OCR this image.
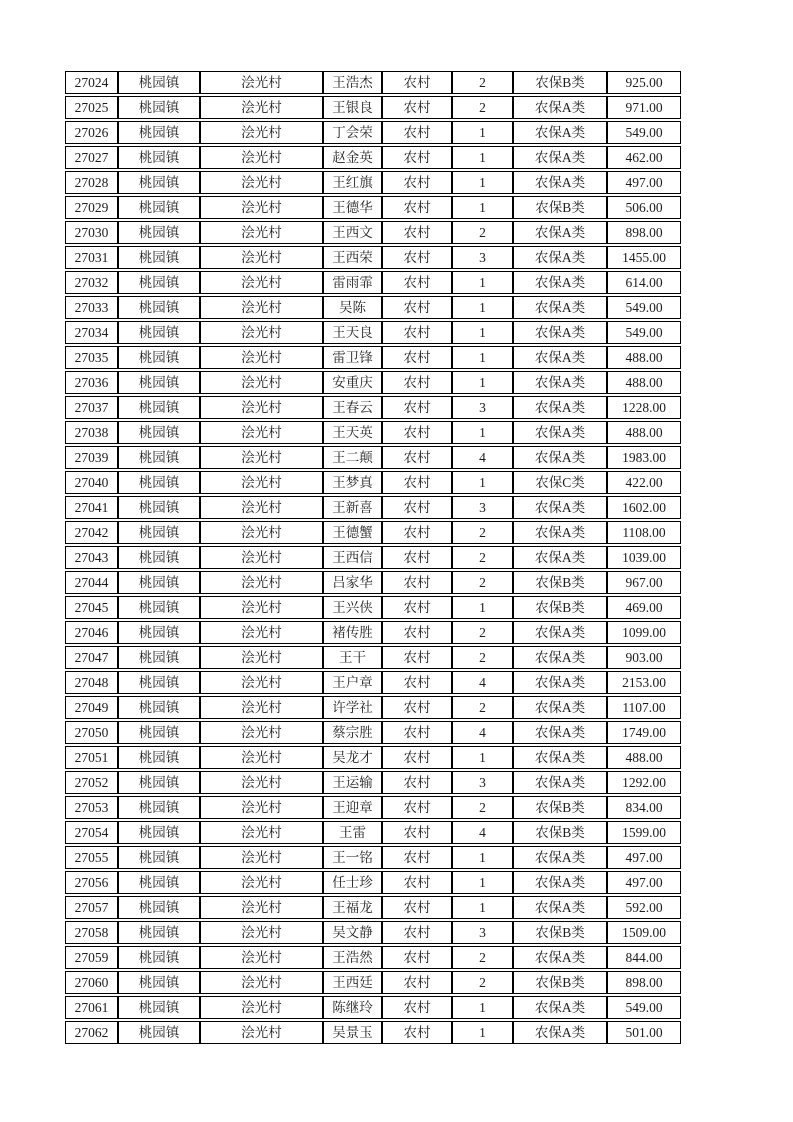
27024	桃园镇	浍光村	王浩杰	农村	2	农保B类	925.00
27025	桃园镇	浍光村	王银良	农村	2	农保A类	971.00
27026	桃园镇	浍光村	丁会荣	农村	1	农保A类	549.00
27027	桃园镇	浍光村	赵金英	农村	1	农保A类	462.00
27028	桃园镇	浍光村	王红旗	农村	1	农保A类	497.00
27029	桃园镇	浍光村	王德华	农村	1	农保B类	506.00
27030	桃园镇	浍光村	王西文	农村	2	农保A类	898.00
27031	桃园镇	浍光村	王西荣	农村	3	农保A类	1455.00
27032	桃园镇	浍光村	雷雨霏	农村	1	农保A类	614.00
27033	桃园镇	浍光村	吴陈	农村	1	农保A类	549.00
27034	桃园镇	浍光村	王天良	农村	1	农保A类	549.00
27035	桃园镇	浍光村	雷卫锋	农村	1	农保A类	488.00
27036	桃园镇	浍光村	安重庆	农村	1	农保A类	488.00
27037	桃园镇	浍光村	王春云	农村	3	农保A类	1228.00
27038	桃园镇	浍光村	王天英	农村	1	农保A类	488.00
27039	桃园镇	浍光村	王二颠	农村	4	农保A类	1983.00
27040	桃园镇	浍光村	王梦真	农村	1	农保C类	422.00
27041	桃园镇	浍光村	王新喜	农村	3	农保A类	1602.00
27042	桃园镇	浍光村	王德蟹	农村	2	农保A类	1108.00
27043	桃园镇	浍光村	王西信	农村	2	农保A类	1039.00
27044	桃园镇	浍光村	吕家华	农村	2	农保B类	967.00
27045	桃园镇	浍光村	王兴侠	农村	1	农保B类	469.00
27046	桃园镇	浍光村	褚传胜	农村	2	农保A类	1099.00
27047	桃园镇	浍光村	王干	农村	2	农保A类	903.00
27048	桃园镇	浍光村	王户章	农村	4	农保A类	2153.00
27049	桃园镇	浍光村	许学社	农村	2	农保A类	1107.00
27050	桃园镇	浍光村	蔡宗胜	农村	4	农保A类	1749.00
27051	桃园镇	浍光村	吴龙才	农村	1	农保A类	488.00
27052	桃园镇	浍光村	王运输	农村	3	农保A类	1292.00
27053	桃园镇	浍光村	王迎章	农村	2	农保B类	834.00
27054	桃园镇	浍光村	王雷	农村	4	农保B类	1599.00
27055	桃园镇	浍光村	王一铭	农村	1	农保A类	497.00
27056	桃园镇	浍光村	任士珍	农村	1	农保A类	497.00
27057	桃园镇	浍光村	王福龙	农村	1	农保A类	592.00
27058	桃园镇	浍光村	吴文静	农村	3	农保B类	1509.00
27059	桃园镇	浍光村	王浩然	农村	2	农保A类	844.00
27060	桃园镇	浍光村	王西廷	农村	2	农保B类	898.00
27061	桃园镇	浍光村	陈继玲	农村	1	农保A类	549.00
27062	桃园镇	浍光村	吴景玉	农村	1	农保A类	501.00
